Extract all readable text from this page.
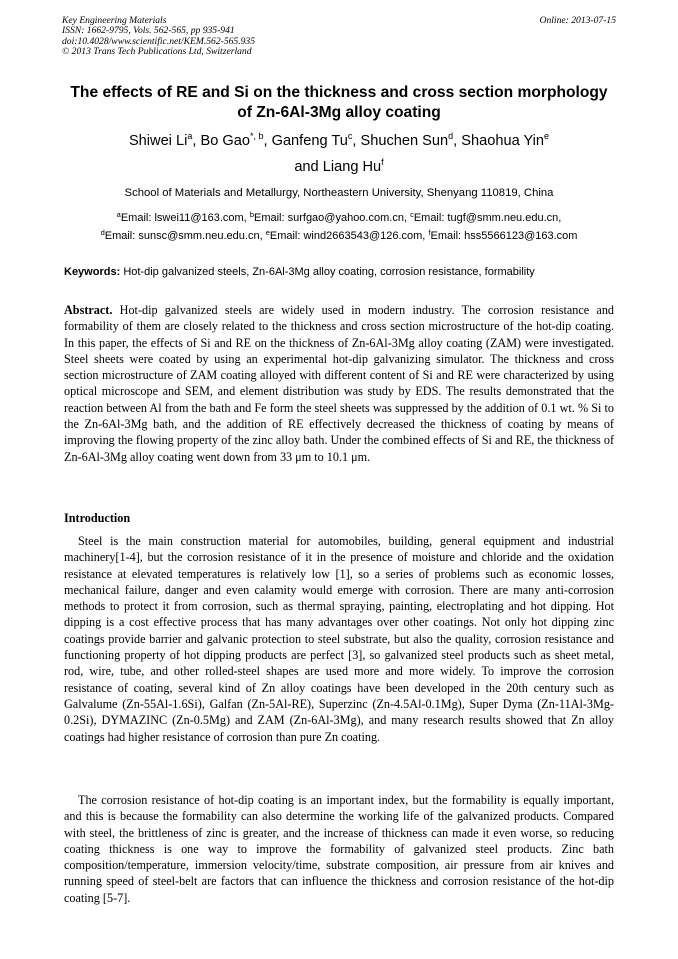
Key Engineering Materials
ISSN: 1662-9795, Vols. 562-565, pp 935-941
doi:10.4028/www.scientific.net/KEM.562-565.935
© 2013 Trans Tech Publications Ltd, Switzerland
Online: 2013-07-15
The effects of RE and Si on the thickness and cross section morphology
of Zn-6Al-3Mg alloy coating
Shiwei Li$^a$, Bo Gao$^{*, b}$, Ganfeng Tu$^c$, Shuchen Sun$^d$, Shaohua Yin$^e$
and Liang Hu$^f$
School of Materials and Metallurgy, Northeastern University, Shenyang 110819, China
$^a$Email: lswei11@163.com, $^b$Email: surfgao@yahoo.com.cn, $^c$Email: tugf@smm.neu.edu.cn,
$^d$Email: sunsc@smm.neu.edu.cn, $^e$Email: wind2663543@126.com, $^f$Email: hss5566123@163.com
Keywords: Hot-dip galvanized steels, Zn-6Al-3Mg alloy coating, corrosion resistance, formability
Abstract. Hot-dip galvanized steels are widely used in modern industry. The corrosion resistance and formability of them are closely related to the thickness and cross section microstructure of the hot-dip coating. In this paper, the effects of Si and RE on the thickness of Zn-6Al-3Mg alloy coating (ZAM) were investigated. Steel sheets were coated by using an experimental hot-dip galvanizing simulator. The thickness and cross section microstructure of ZAM coating alloyed with different content of Si and RE were characterized by using optical microscope and SEM, and element distribution was study by EDS. The results demonstrated that the reaction between Al from the bath and Fe form the steel sheets was suppressed by the addition of 0.1 wt. % Si to the Zn-6Al-3Mg bath, and the addition of RE effectively decreased the thickness of coating by means of improving the flowing property of the zinc alloy bath. Under the combined effects of Si and RE, the thickness of Zn-6Al-3Mg alloy coating went down from 33 μm to 10.1 μm.
Introduction
Steel is the main construction material for automobiles, building, general equipment and industrial machinery[1-4], but the corrosion resistance of it in the presence of moisture and chloride and the oxidation resistance at elevated temperatures is relatively low [1], so a series of problems such as economic losses, mechanical failure, danger and even calamity would emerge with corrosion. There are many anti-corrosion methods to protect it from corrosion, such as thermal spraying, painting, electroplating and hot dipping. Hot dipping is a cost effective process that has many advantages over other coatings. Not only hot dipping zinc coatings provide barrier and galvanic protection to steel substrate, but also the quality, corrosion resistance and functioning property of hot dipping products are perfect [3], so galvanized steel products such as sheet metal, rod, wire, tube, and other rolled-steel shapes are used more and more widely. To improve the corrosion resistance of coating, several kind of Zn alloy coatings have been developed in the 20th century such as Galvalume (Zn-55Al-1.6Si), Galfan (Zn-5Al-RE), Superzinc (Zn-4.5Al-0.1Mg), Super Dyma (Zn-11Al-3Mg-0.2Si), DYMAZINC (Zn-0.5Mg) and ZAM (Zn-6Al-3Mg), and many research results showed that Zn alloy coatings had higher resistance of corrosion than pure Zn coating.
The corrosion resistance of hot-dip coating is an important index, but the formability is equally important, and this is because the formability can also determine the working life of the galvanized products. Compared with steel, the brittleness of zinc is greater, and the increase of thickness can made it even worse, so reducing coating thickness is one way to improve the formability of galvanized steel products. Zinc bath composition/temperature, immersion velocity/time, substrate composition, air pressure from air knives and running speed of steel-belt are factors that can influence the thickness and corrosion resistance of the hot-dip coating [5-7].
